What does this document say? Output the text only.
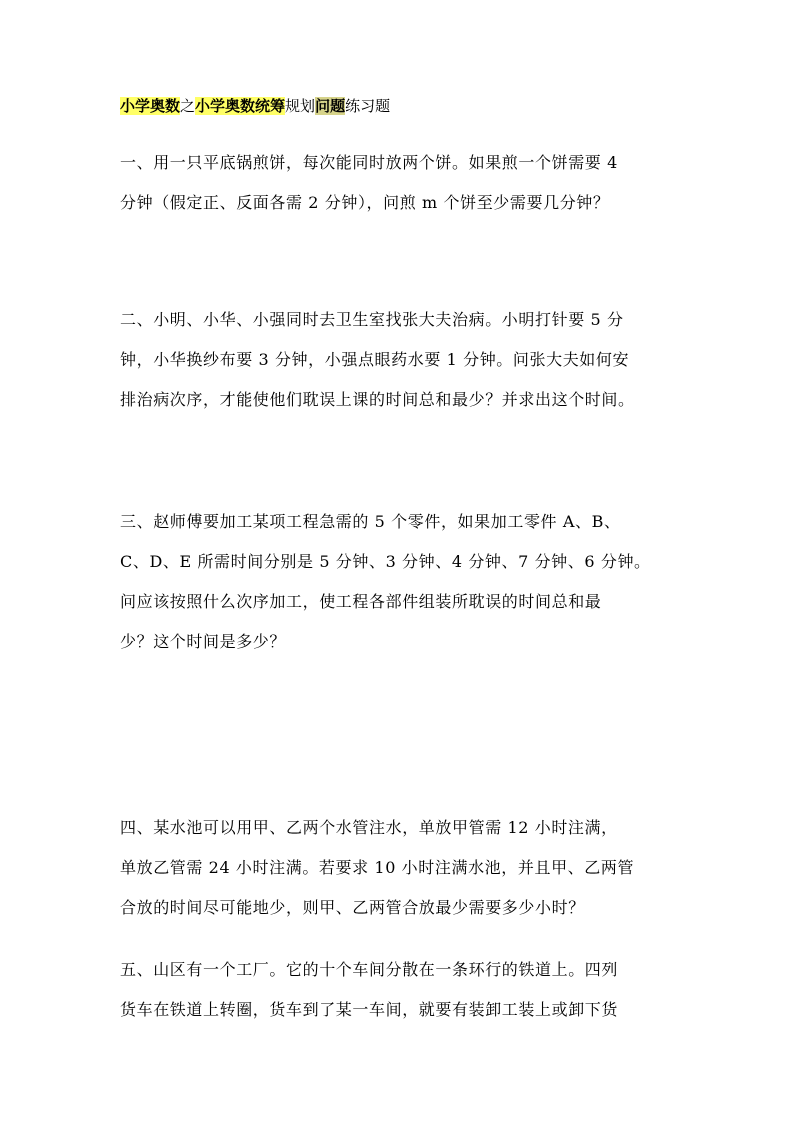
小学奥数之小学奥数统筹规划问题练习题

一、用一只平底锅煎饼，每次能同时放两个饼。如果煎一个饼需要 4

分钟（假定正、反面各需 2 分钟），问煎 m 个饼至少需要几分钟？

二、小明、小华、小强同时去卫生室找张大夫治病。小明打针要 5 分

钟，小华换纱布要 3 分钟，小强点眼药水要 1 分钟。问张大夫如何安

排治病次序，才能使他们耽误上课的时间总和最少？并求出这个时间。

三、赵师傅要加工某项工程急需的 5 个零件，如果加工零件 A、B、

C、D、E 所需时间分别是 5 分钟、3 分钟、4 分钟、7 分钟、6 分钟。

问应该按照什么次序加工，使工程各部件组装所耽误的时间总和最

少？这个时间是多少？

四、某水池可以用甲、乙两个水管注水，单放甲管需 12 小时注满，

单放乙管需 24 小时注满。若要求 10 小时注满水池，并且甲、乙两管

合放的时间尽可能地少，则甲、乙两管合放最少需要多少小时？

五、山区有一个工厂。它的十个车间分散在一条环行的铁道上。四列

货车在铁道上转圈，货车到了某一车间，就要有装卸工装上或卸下货
